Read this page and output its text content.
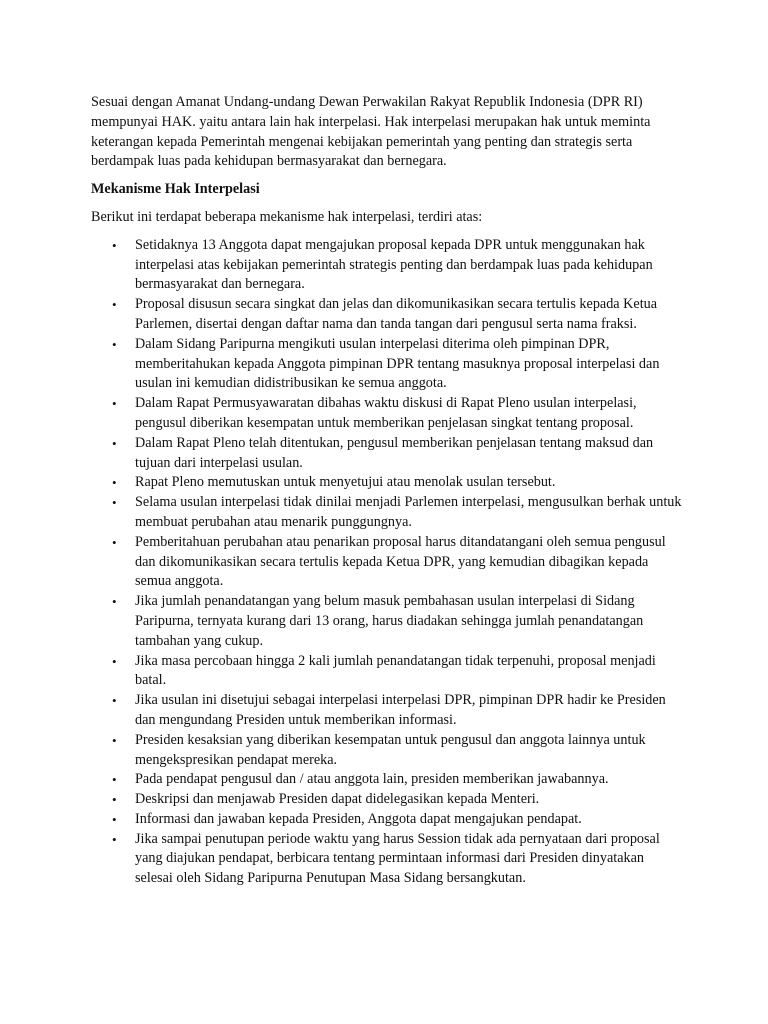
Sesuai dengan Amanat Undang-undang Dewan Perwakilan Rakyat Republik Indonesia (DPR RI) mempunyai HAK. yaitu antara lain hak interpelasi. Hak interpelasi merupakan hak untuk meminta keterangan kepada Pemerintah mengenai kebijakan pemerintah yang penting dan strategis serta berdampak luas pada kehidupan bermasyarakat dan bernegara.

Mekanisme Hak Interpelasi

Berikut ini terdapat beberapa mekanisme hak interpelasi, terdiri atas:

• Setidaknya 13 Anggota dapat mengajukan proposal kepada DPR untuk menggunakan hak interpelasi atas kebijakan pemerintah strategis penting dan berdampak luas pada kehidupan bermasyarakat dan bernegara.
• Proposal disusun secara singkat dan jelas dan dikomunikasikan secara tertulis kepada Ketua Parlemen, disertai dengan daftar nama dan tanda tangan dari pengusul serta nama fraksi.
• Dalam Sidang Paripurna mengikuti usulan interpelasi diterima oleh pimpinan DPR, memberitahukan kepada Anggota pimpinan DPR tentang masuknya proposal interpelasi dan usulan ini kemudian didistribusikan ke semua anggota.
• Dalam Rapat Permusyawaratan dibahas waktu diskusi di Rapat Pleno usulan interpelasi, pengusul diberikan kesempatan untuk memberikan penjelasan singkat tentang proposal.
• Dalam Rapat Pleno telah ditentukan, pengusul memberikan penjelasan tentang maksud dan tujuan dari interpelasi usulan.
• Rapat Pleno memutuskan untuk menyetujui atau menolak usulan tersebut.
• Selama usulan interpelasi tidak dinilai menjadi Parlemen interpelasi, mengusulkan berhak untuk membuat perubahan atau menarik punggungnya.
• Pemberitahuan perubahan atau penarikan proposal harus ditandatangani oleh semua pengusul dan dikomunikasikan secara tertulis kepada Ketua DPR, yang kemudian dibagikan kepada semua anggota.
• Jika jumlah penandatangan yang belum masuk pembahasan usulan interpelasi di Sidang Paripurna, ternyata kurang dari 13 orang, harus diadakan sehingga jumlah penandatangan tambahan yang cukup.
• Jika masa percobaan hingga 2 kali jumlah penandatangan tidak terpenuhi, proposal menjadi batal.
• Jika usulan ini disetujui sebagai interpelasi interpelasi DPR, pimpinan DPR hadir ke Presiden dan mengundang Presiden untuk memberikan informasi.
• Presiden kesaksian yang diberikan kesempatan untuk pengusul dan anggota lainnya untuk mengekspresikan pendapat mereka.
• Pada pendapat pengusul dan / atau anggota lain, presiden memberikan jawabannya.
• Deskripsi dan menjawab Presiden dapat didelegasikan kepada Menteri.
• Informasi dan jawaban kepada Presiden, Anggota dapat mengajukan pendapat.
• Jika sampai penutupan periode waktu yang harus Session tidak ada pernyataan dari proposal yang diajukan pendapat, berbicara tentang permintaan informasi dari Presiden dinyatakan selesai oleh Sidang Paripurna Penutupan Masa Sidang bersangkutan.
